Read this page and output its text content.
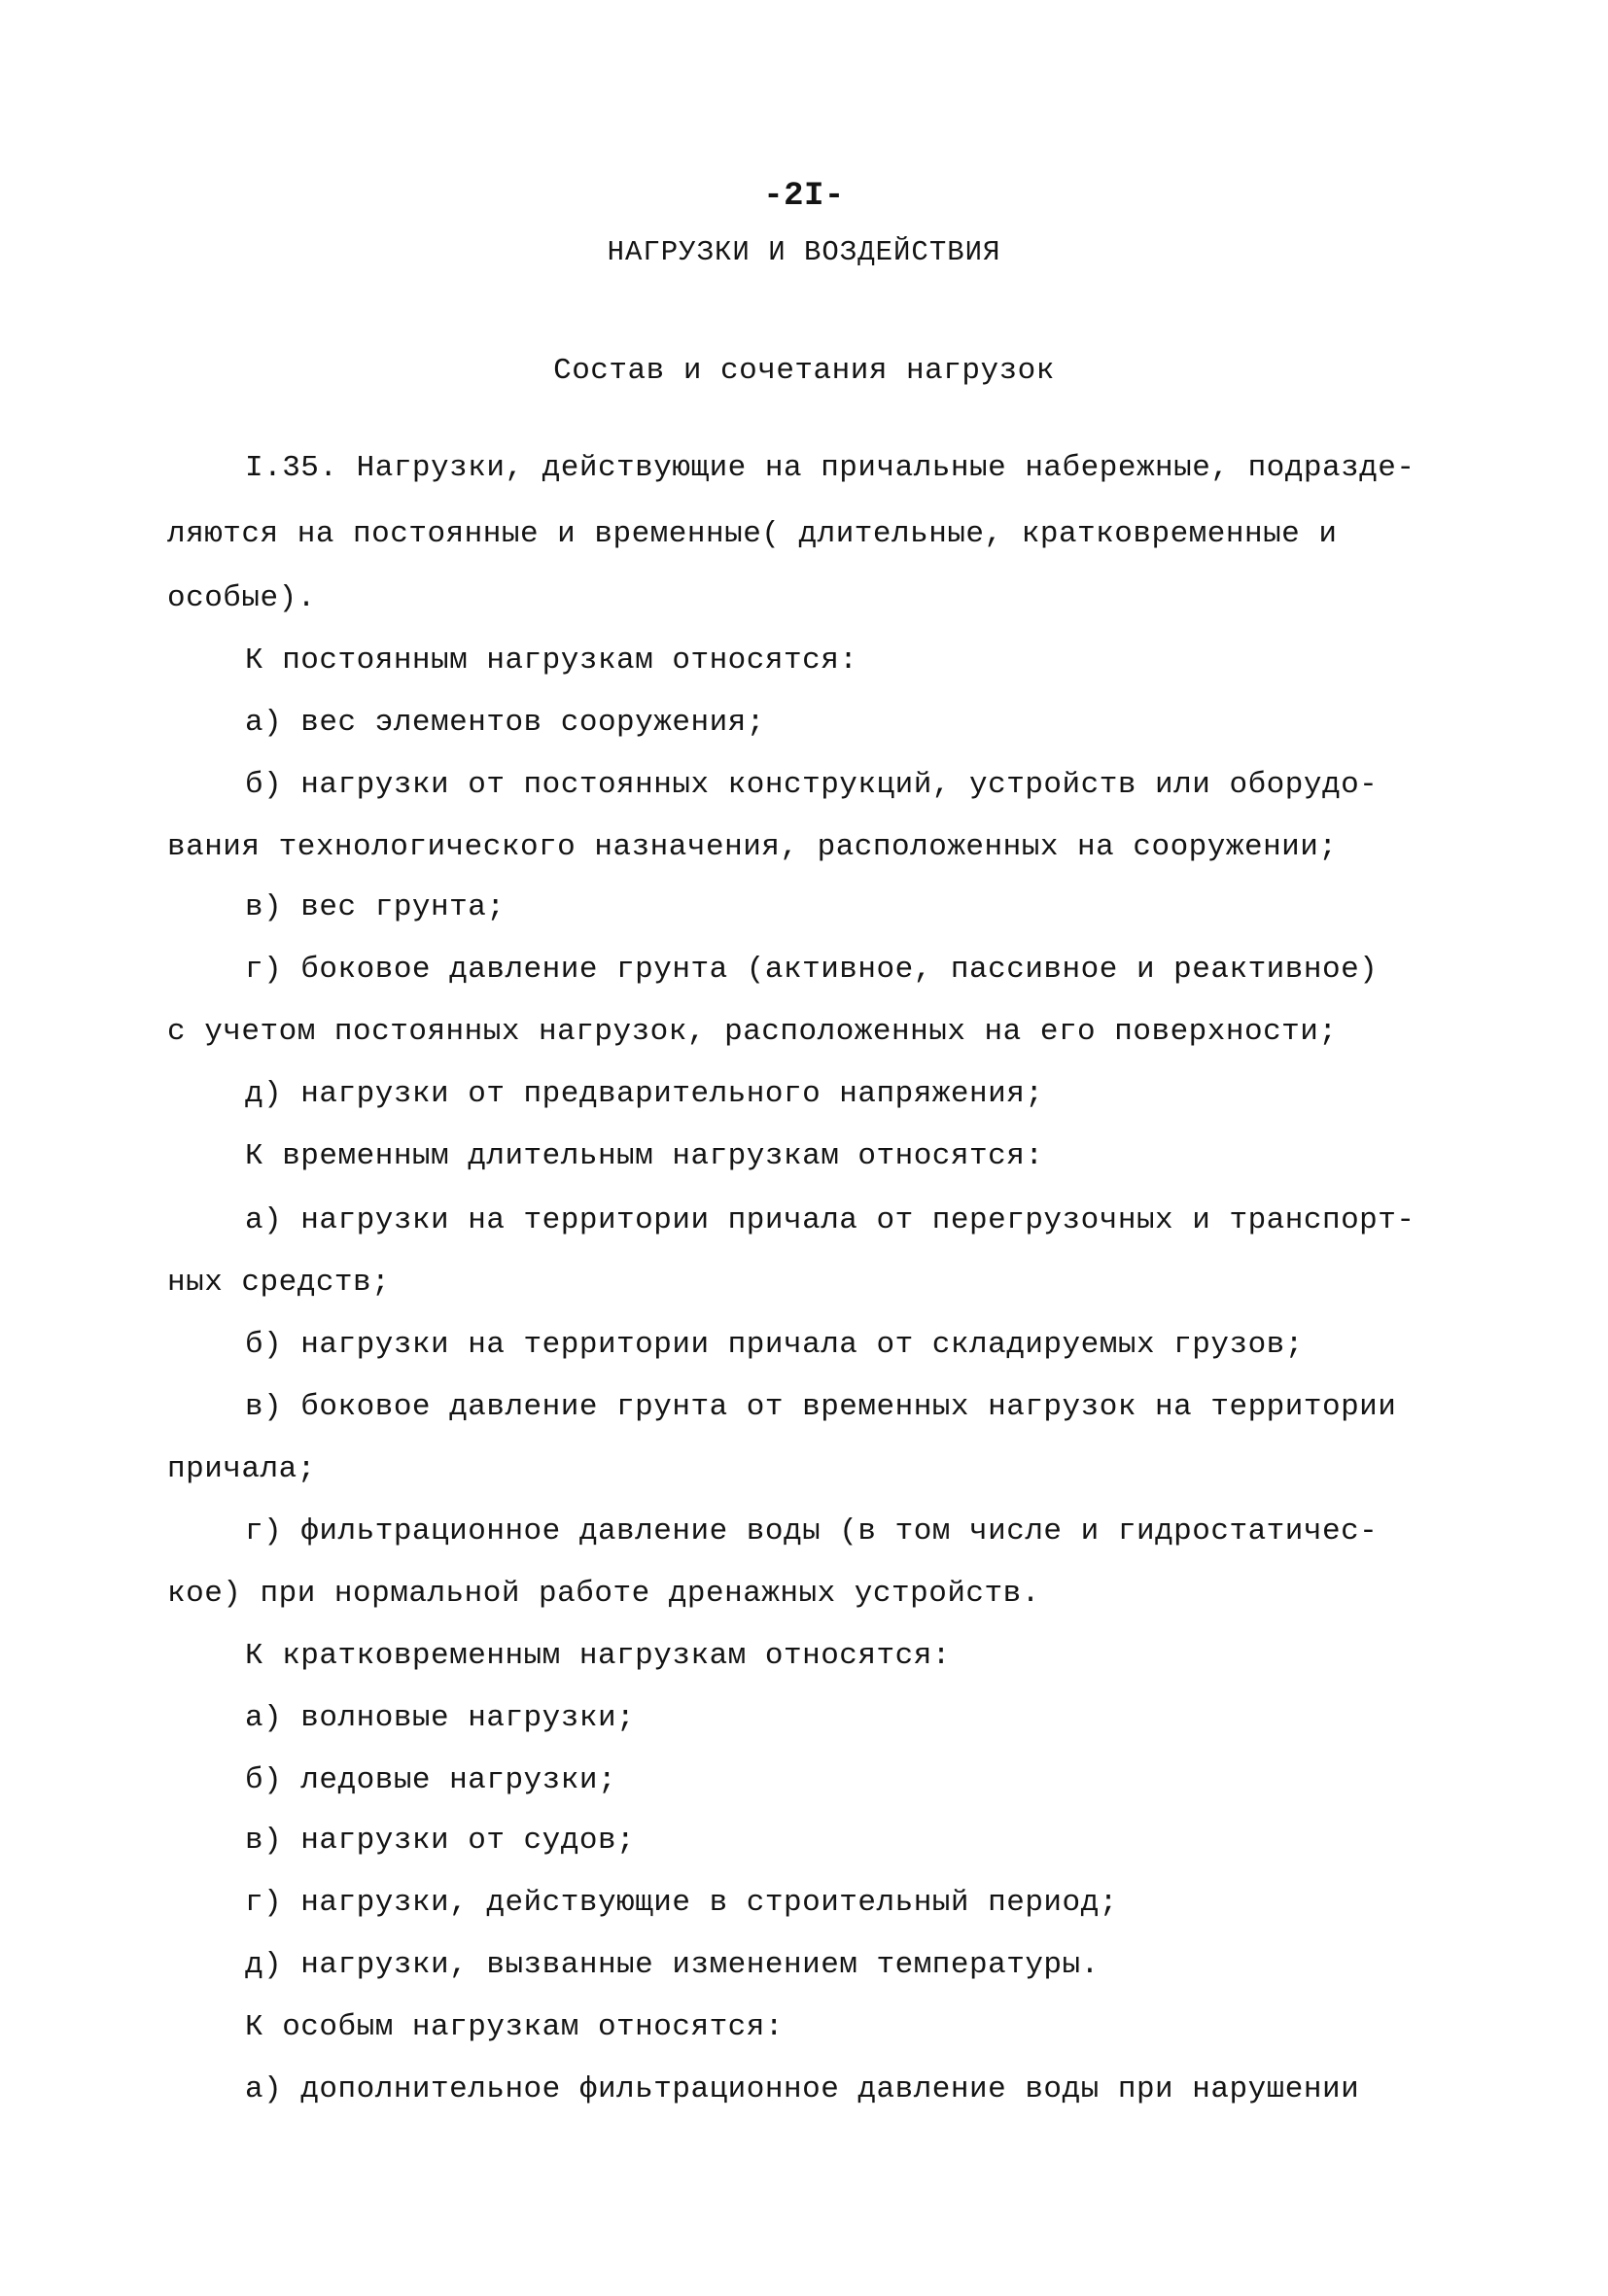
-2I-
НАГРУЗКИ И ВОЗДЕЙСТВИЯ
Состав и сочетания нагрузок
I.35. Нагрузки, действующие на причальные набережные, подразде-
ляются на постоянные и временные( длительные, кратковременные и
особые).
К постоянным нагрузкам относятся:
а) вес элементов сооружения;
б) нагрузки от постоянных конструкций, устройств или оборудо-
вания технологического назначения, расположенных на сооружении;
в) вес грунта;
г) боковое давление грунта (активное, пассивное и реактивное)
с учетом постоянных нагрузок, расположенных на его поверхности;
д) нагрузки от предварительного напряжения;
К временным длительным нагрузкам относятся:
а) нагрузки на территории причала от перегрузочных и транспорт-
ных средств;
б) нагрузки на территории причала от складируемых грузов;
в) боковое давление грунта от временных нагрузок на территории
причала;
г) фильтрационное давление воды (в том числе и гидростатичес-
кое) при нормальной работе дренажных устройств.
К кратковременным нагрузкам относятся:
а) волновые нагрузки;
б) ледовые нагрузки;
в) нагрузки от судов;
г) нагрузки, действующие в строительный период;
д) нагрузки, вызванные изменением температуры.
К особым нагрузкам относятся:
а) дополнительное фильтрационное давление воды при нарушении
